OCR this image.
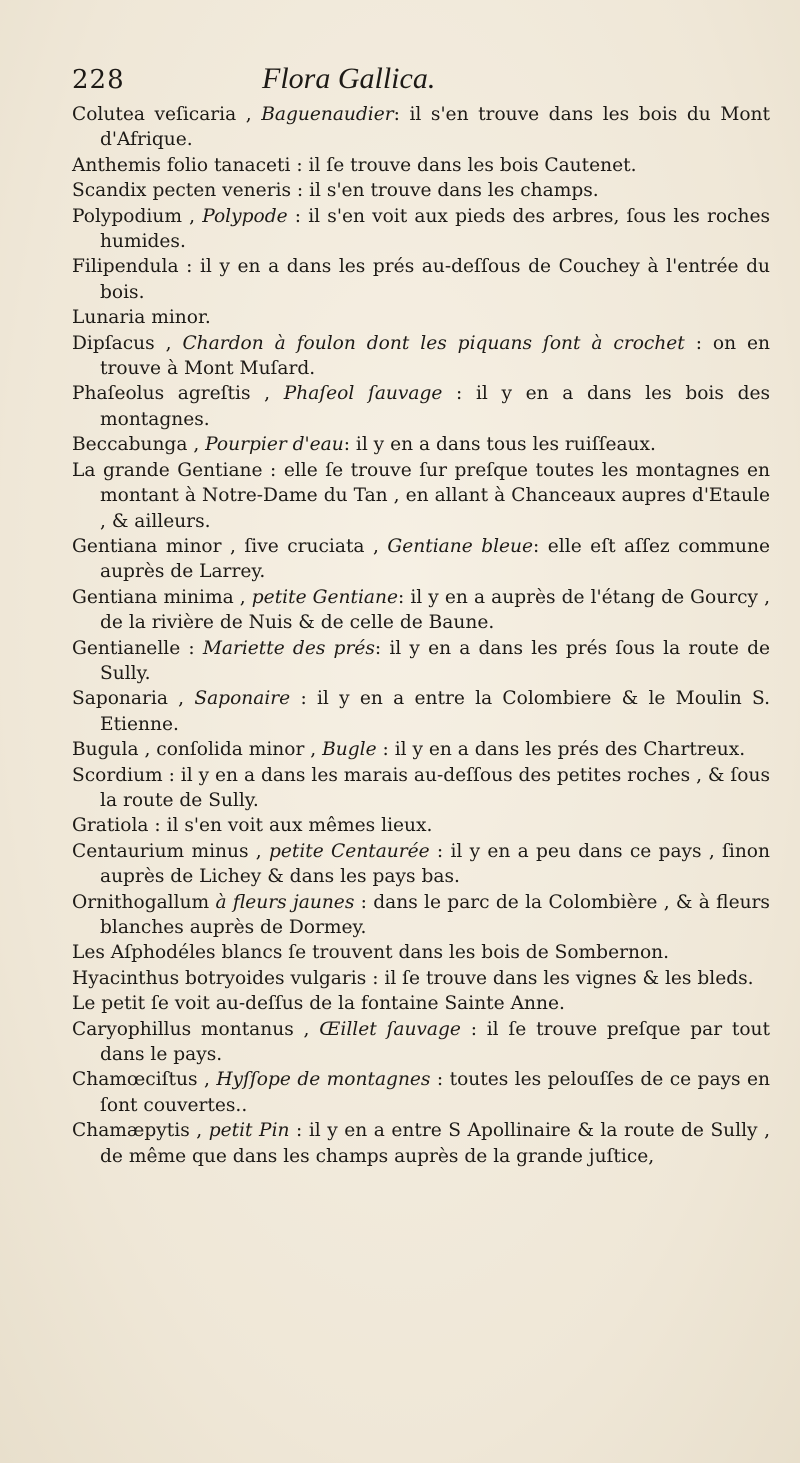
228	Flora Gallica.
Colutea veſicaria , Baguenaudier: il s'en trouve dans les bois du Mont d'Afrique.
Anthemis folio tanaceti : il ſe trouve dans les bois Cautenet.
Scandix pecten veneris : il s'en trouve dans les champs.
Polypodium , Polypode : il s'en voit aux pieds des arbres, ſous les roches humides.
Filipendula : il y en a dans les prés au-deſſous de Couchey à l'entrée du bois.
Lunaria minor.
Dipſacus , Chardon à foulon dont les piquans ſont à crochet : on en trouve à Mont Muſard.
Phaſeolus agreſtis , Phaſeol ſauvage : il y en a dans les bois des montagnes.
Beccabunga , Pourpier d'eau: il y en a dans tous les ruiſſeaux.
La grande Gentiane : elle ſe trouve ſur preſque toutes les montagnes en montant à Notre-Dame du Tan , en allant à Chanceaux aupres d'Etaule , & ailleurs.
Gentiana minor , ſive cruciata , Gentiane bleue: elle eſt aſſez commune auprès de Larrey.
Gentiana minima , petite Gentiane: il y en a auprès de l'étang de Gourcy , de la rivière de Nuis & de celle de Baune.
Gentianelle : Mariette des prés: il y en a dans les prés ſous la route de Sully.
Saponaria , Saponaire : il y en a entre la Colombiere & le Moulin S. Etienne.
Bugula , conſolida minor , Bugle : il y en a dans les prés des Chartreux.
Scordium : il y en a dans les marais au-deſſous des petites roches , & ſous la route de Sully.
Gratiola : il s'en voit aux mêmes lieux.
Centaurium minus , petite Centaurée : il y en a peu dans ce pays , ſinon auprès de Lichey & dans les pays bas.
Ornithogallum à fleurs jaunes : dans le parc de la Colombière , & à fleurs blanches auprès de Dormey.
Les Aſphodéles blancs ſe trouvent dans les bois de Sombernon.
Hyacinthus botryoides vulgaris : il ſe trouve dans les vignes & les bleds.
Le petit ſe voit au-deſſus de la fontaine Sainte Anne.
Caryophillus montanus , Œillet ſauvage : il ſe trouve preſque par tout dans le pays.
Chamœciſtus , Hyſſope de montagnes : toutes les pelouſſes de ce pays en ſont couvertes..
Chamæpytis , petit Pin : il y en a entre S Apollinaire & la route de Sully , de même que dans les champs auprès de la grande juſtice,
